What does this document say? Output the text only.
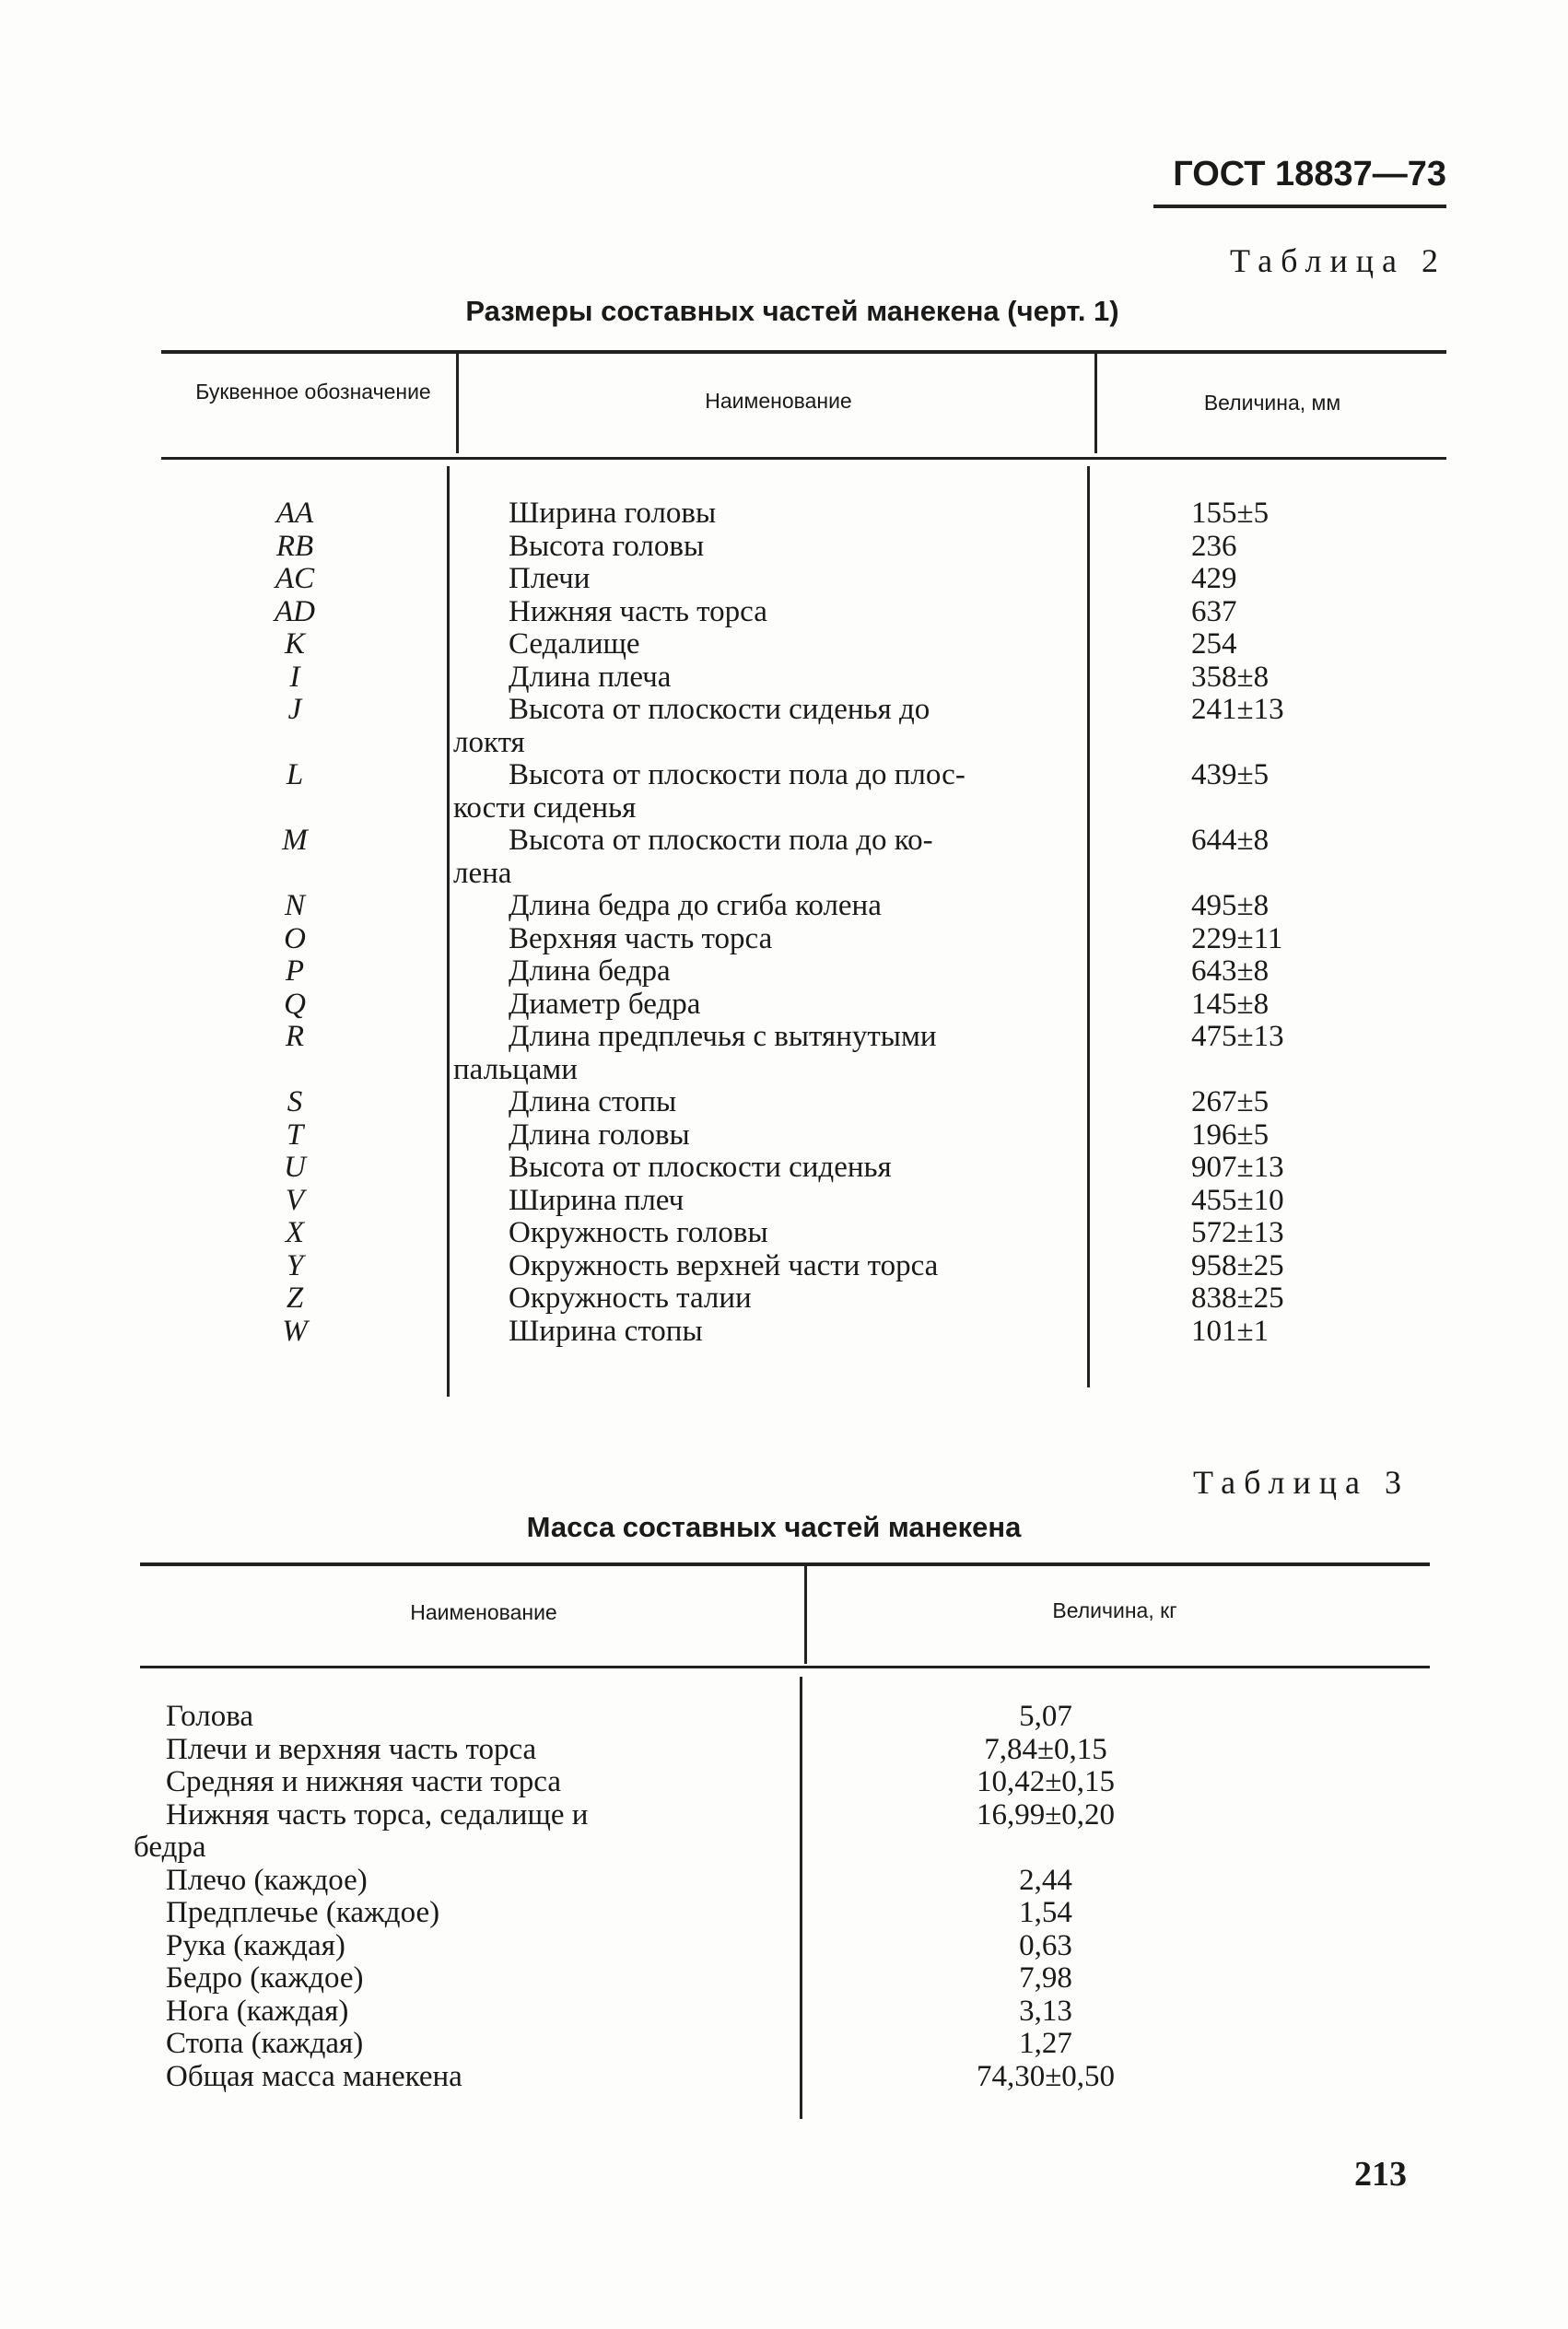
ГОСТ 18837—73
Таблица 2
Размеры составных частей манекена (черт. 1)
Буквенное обозначение	Наименование	Величина, мм
AA	Ширина головы	155±5
RB	Высота головы	236
AC	Плечи	429
AD	Нижняя часть торса	637
K	Седалище	254
I	Длина плеча	358±8
J	Высота от плоскости сиденья до	241±13
локтя
L	Высота от плоскости пола до плос-	439±5
кости сиденья
M	Высота от плоскости пола до ко-	644±8
лена
N	Длина бедра до сгиба колена	495±8
O	Верхняя часть торса	229±11
P	Длина бедра	643±8
Q	Диаметр бедра	145±8
R	Длина предплечья с вытянутыми	475±13
пальцами
S	Длина стопы	267±5
T	Длина головы	196±5
U	Высота от плоскости сиденья	907±13
V	Ширина плеч	455±10
X	Окружность головы	572±13
Y	Окружность верхней части торса	958±25
Z	Окружность талии	838±25
W	Ширина стопы	101±1
Таблица 3
Масса составных частей манекена
Наименование	Величина, кг
Голова	5,07
Плечи и верхняя часть торса	7,84±0,15
Средняя и нижняя части торса	10,42±0,15
Нижняя часть торса, седалище и	16,99±0,20
бедра
Плечо (каждое)	2,44
Предплечье (каждое)	1,54
Рука (каждая)	0,63
Бедро (каждое)	7,98
Нога (каждая)	3,13
Стопа (каждая)	1,27
Общая масса манекена	74,30±0,50
213
